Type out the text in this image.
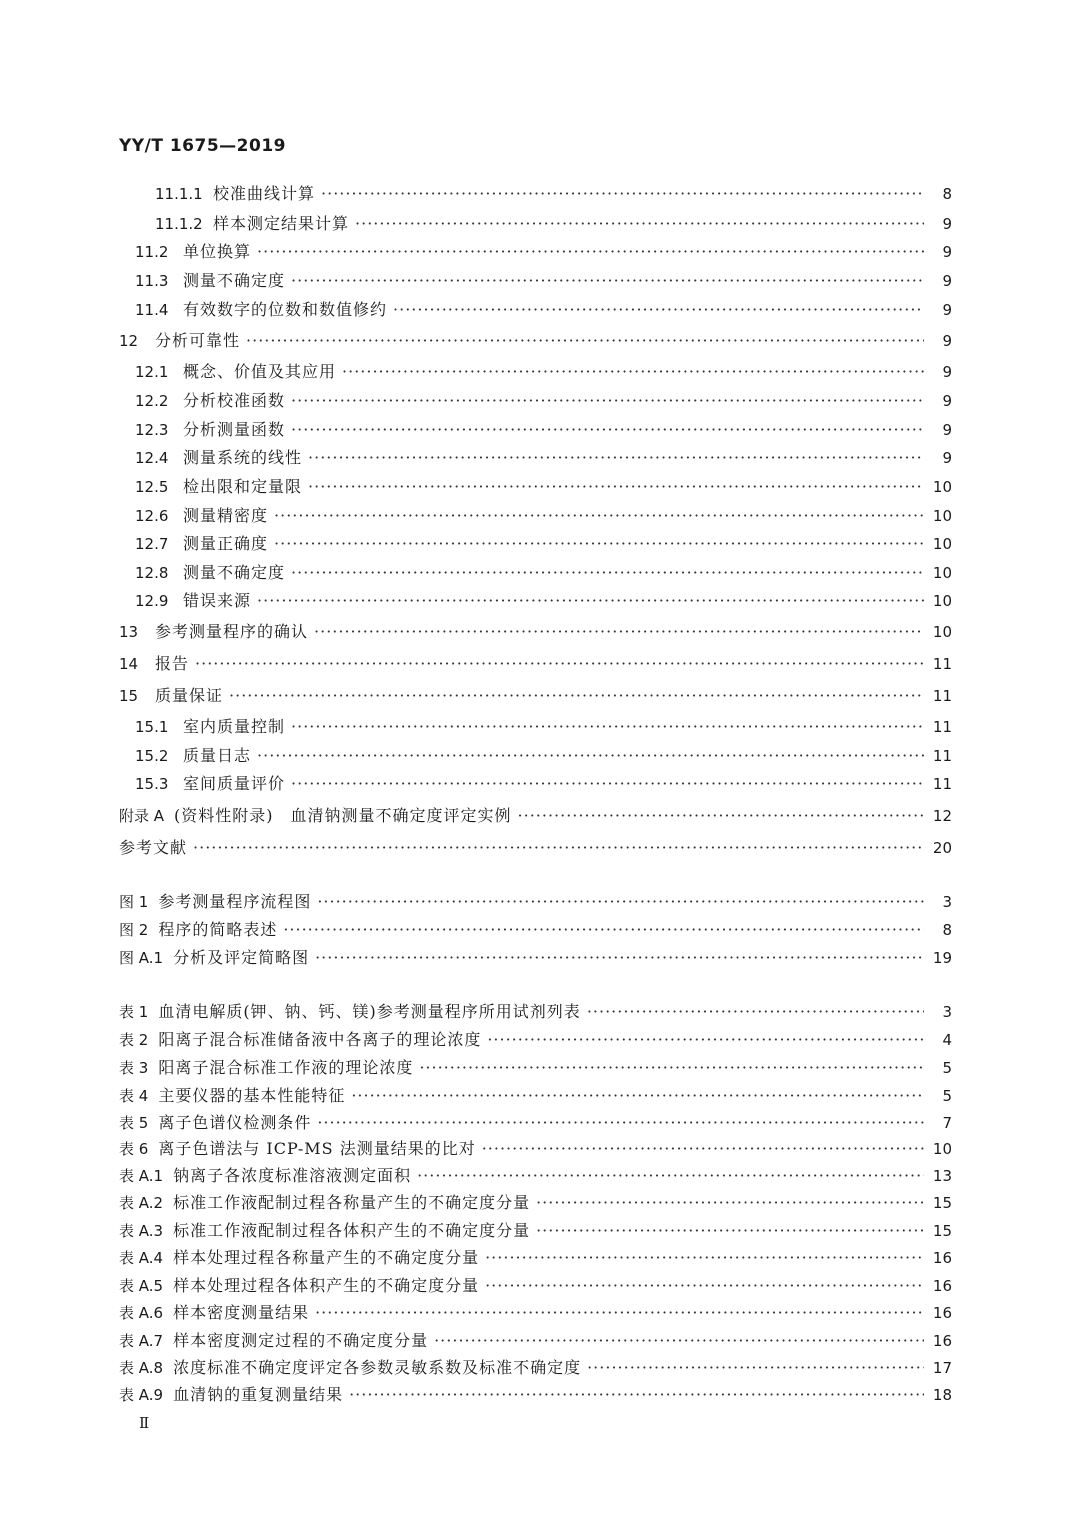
YY/T 1675—2019
11.1.1 校准曲线计算 ·····	8
11.1.2 样本测定结果计算 ·····	9
11.2 单位换算 ·····	9
11.3 测量不确定度 ·····	9
11.4 有效数字的位数和数值修约 ·····	9
12	分析可靠性 ·····	9
12.1 概念、价值及其应用 ·····	9
12.2 分析校准函数 ·····	9
12.3 分析测量函数 ·····	9
12.4 测量系统的线性 ·····	9
12.5 检出限和定量限 ·····	10
12.6 测量精密度 ·····	10
12.7 测量正确度 ·····	10
12.8 测量不确定度 ·····	10
12.9 错误来源 ·····	10
13	参考测量程序的确认 ·····	10
14	报告 ·····	11
15	质量保证 ·····	11
15.1 室内质量控制 ·····	11
15.2 质量日志 ·····	11
15.3 室间质量评价 ·····	11
附录 A (资料性附录)　血清钠测量不确定度评定实例 ·····	12
参考文献 ·····	20
图 1 参考测量程序流程图 ·····	3
图 2 程序的简略表述 ·····	8
图 A.1 分析及评定简略图 ·····	19
表 1 血清电解质(钾、钠、钙、镁)参考测量程序所用试剂列表 ·····	3
表 2 阳离子混合标准储备液中各离子的理论浓度 ·····	4
表 3 阳离子混合标准工作液的理论浓度 ·····	5
表 4 主要仪器的基本性能特征 ·····	5
表 5 离子色谱仪检测条件 ·····	7
表 6 离子色谱法与 ICP-MS 法测量结果的比对 ·····	10
表 A.1 钠离子各浓度标准溶液测定面积 ·····	13
表 A.2 标准工作液配制过程各称量产生的不确定度分量 ·····	15
表 A.3 标准工作液配制过程各体积产生的不确定度分量 ·····	15
表 A.4 样本处理过程各称量产生的不确定度分量 ·····	16
表 A.5 样本处理过程各体积产生的不确定度分量 ·····	16
表 A.6 样本密度测量结果 ·····	16
表 A.7 样本密度测定过程的不确定度分量 ·····	16
表 A.8 浓度标准不确定度评定各参数灵敏系数及标准不确定度 ·····	17
表 A.9 血清钠的重复测量结果 ·····	18
Ⅱ
